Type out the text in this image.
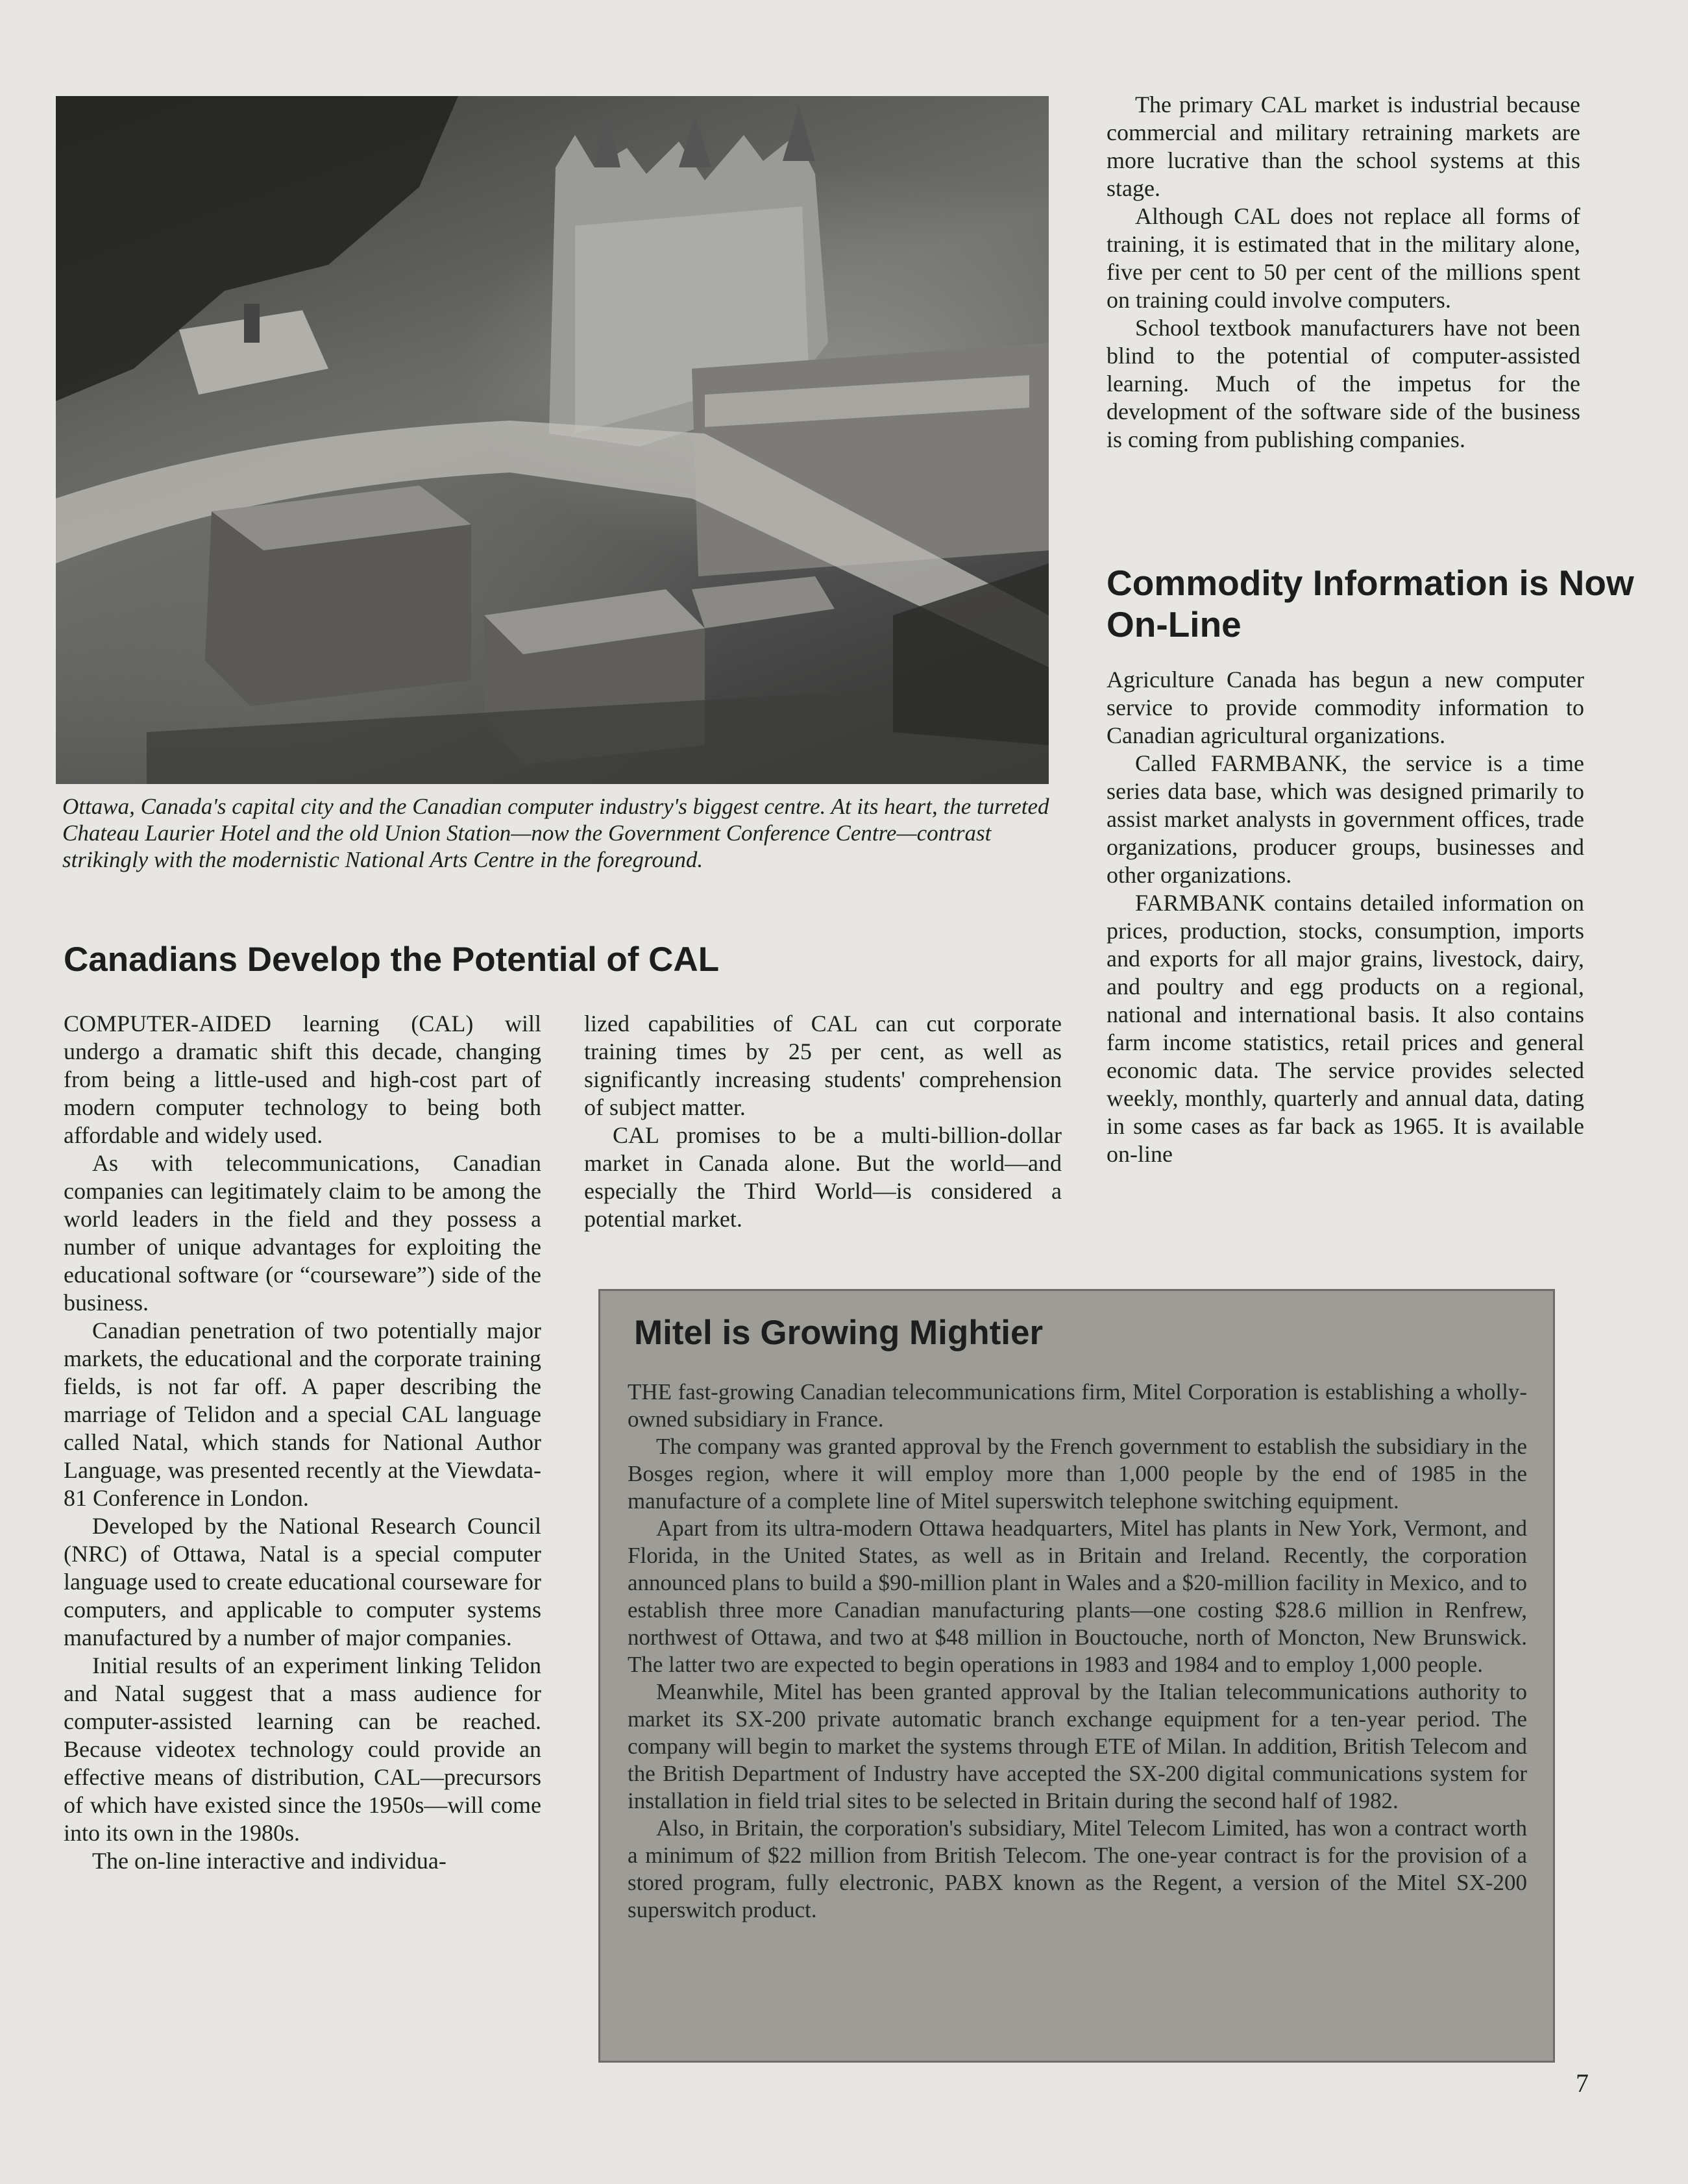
Ottawa, Canada's capital city and the Canadian computer industry's biggest centre. At its heart, the turreted Chateau Laurier Hotel and the old Union Station—now the Government Conference Centre—contrast strikingly with the modernistic National Arts Centre in the foreground.

Canadians Develop the Potential of CAL

COMPUTER-AIDED learning (CAL) will undergo a dramatic shift this decade, changing from being a little-used and high-cost part of modern computer technology to being both affordable and widely used.

As with telecommunications, Canadian companies can legitimately claim to be among the world leaders in the field and they possess a number of unique advantages for exploiting the educational software (or “courseware”) side of the business.

Canadian penetration of two potentially major markets, the educational and the corporate training fields, is not far off. A paper describing the marriage of Telidon and a special CAL language called Natal, which stands for National Author Language, was presented recently at the Viewdata-81 Conference in London.

Developed by the National Research Council (NRC) of Ottawa, Natal is a special computer language used to create educational courseware for computers, and applicable to computer systems manufactured by a number of major companies.

Initial results of an experiment linking Telidon and Natal suggest that a mass audience for computer-assisted learning can be reached. Because videotex technology could provide an effective means of distribution, CAL—precursors of which have existed since the 1950s—will come into its own in the 1980s.

The on-line interactive and individua-

lized capabilities of CAL can cut corporate training times by 25 per cent, as well as significantly increasing students' comprehension of subject matter.

CAL promises to be a multi-billion-dollar market in Canada alone. But the world—and especially the Third World—is considered a potential market.

The primary CAL market is industrial because commercial and military retraining markets are more lucrative than the school systems at this stage.

Although CAL does not replace all forms of training, it is estimated that in the military alone, five per cent to 50 per cent of the millions spent on training could involve computers.

School textbook manufacturers have not been blind to the potential of computer-assisted learning. Much of the impetus for the development of the software side of the business is coming from publishing companies.

Commodity Information is Now On-Line

Agriculture Canada has begun a new computer service to provide commodity information to Canadian agricultural organizations.

Called FARMBANK, the service is a time series data base, which was designed primarily to assist market analysts in government offices, trade organizations, producer groups, businesses and other organizations.

FARMBANK contains detailed information on prices, production, stocks, consumption, imports and exports for all major grains, livestock, dairy, and poultry and egg products on a regional, national and international basis. It also contains farm income statistics, retail prices and general economic data. The service provides selected weekly, monthly, quarterly and annual data, dating in some cases as far back as 1965. It is available on-line

Mitel is Growing Mightier

THE fast-growing Canadian telecommunications firm, Mitel Corporation is establishing a wholly-owned subsidiary in France.

The company was granted approval by the French government to establish the subsidiary in the Bosges region, where it will employ more than 1,000 people by the end of 1985 in the manufacture of a complete line of Mitel superswitch telephone switching equipment.

Apart from its ultra-modern Ottawa headquarters, Mitel has plants in New York, Vermont, and Florida, in the United States, as well as in Britain and Ireland. Recently, the corporation announced plans to build a $90-million plant in Wales and a $20-million facility in Mexico, and to establish three more Canadian manufacturing plants—one costing $28.6 million in Renfrew, northwest of Ottawa, and two at $48 million in Bouctouche, north of Moncton, New Brunswick. The latter two are expected to begin operations in 1983 and 1984 and to employ 1,000 people.

Meanwhile, Mitel has been granted approval by the Italian telecommunications authority to market its SX-200 private automatic branch exchange equipment for a ten-year period. The company will begin to market the systems through ETE of Milan. In addition, British Telecom and the British Department of Industry have accepted the SX-200 digital communications system for installation in field trial sites to be selected in Britain during the second half of 1982.

Also, in Britain, the corporation's subsidiary, Mitel Telecom Limited, has won a contract worth a minimum of $22 million from British Telecom. The one-year contract is for the provision of a stored program, fully electronic, PABX known as the Regent, a version of the Mitel SX-200 superswitch product.

7
